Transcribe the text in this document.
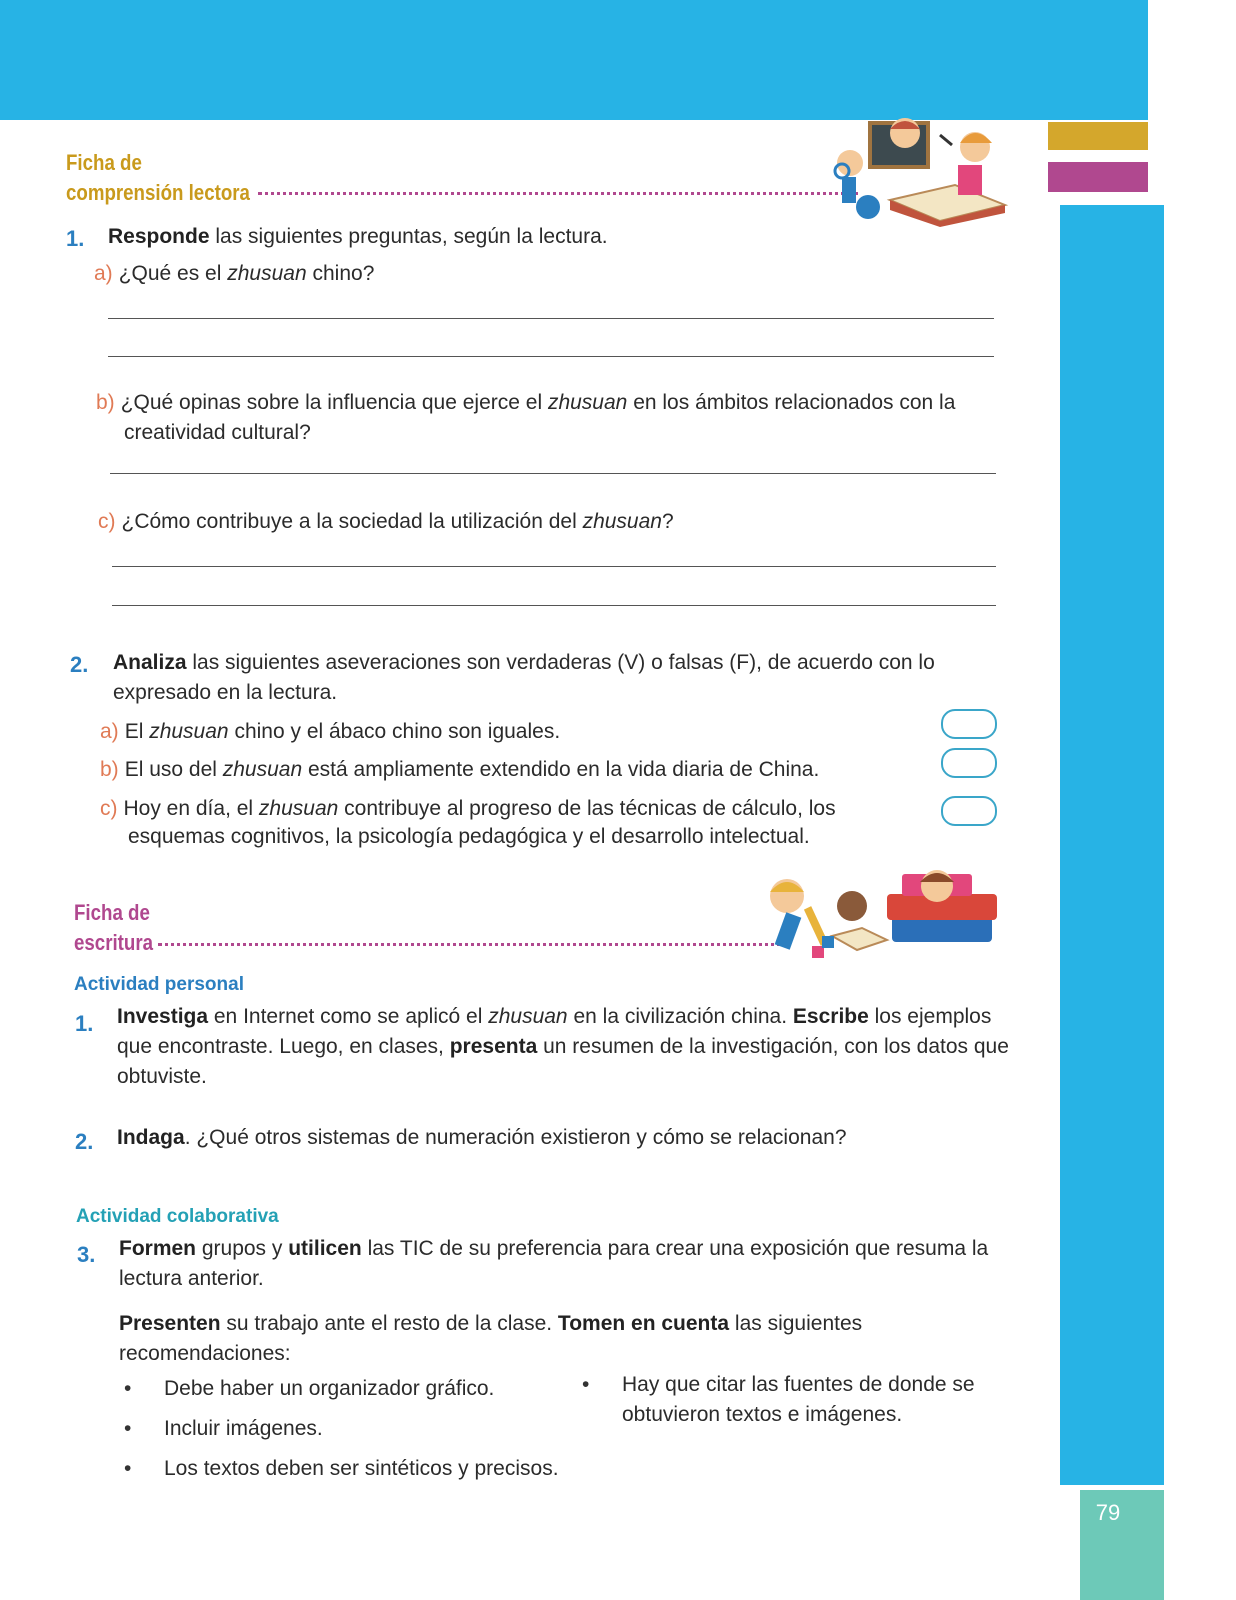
79
Ficha de
comprensión lectora
1. Responde las siguientes preguntas, según la lectura.
a) ¿Qué es el zhusuan chino?
b) ¿Qué opinas sobre la influencia que ejerce el zhusuan en los ámbitos relacionados con la
creatividad cultural?
c) ¿Cómo contribuye a la sociedad la utilización del zhusuan?
2. Analiza las siguientes aseveraciones son verdaderas (V) o falsas (F), de acuerdo con lo
expresado en la lectura.
a) El zhusuan chino y el ábaco chino son iguales.
b) El uso del zhusuan está ampliamente extendido en la vida diaria de China.
c) Hoy en día, el zhusuan contribuye al progreso de las técnicas de cálculo, los
esquemas cognitivos, la psicología pedagógica y el desarrollo intelectual.
Ficha de
escritura
Actividad personal
1. Investiga en Internet como se aplicó el zhusuan en la civilización china. Escribe los ejemplos
que encontraste. Luego, en clases, presenta un resumen de la investigación, con los datos que
obtuviste.
2. Indaga. ¿Qué otros sistemas de numeración existieron y cómo se relacionan?
Actividad colaborativa
3. Formen grupos y utilicen las TIC de su preferencia para crear una exposición que resuma la
lectura anterior.
Presenten su trabajo ante el resto de la clase. Tomen en cuenta las siguientes
recomendaciones:
• Debe haber un organizador gráfico.
• Incluir imágenes.
• Los textos deben ser sintéticos y precisos.
• Hay que citar las fuentes de donde se
obtuvieron textos e imágenes.
